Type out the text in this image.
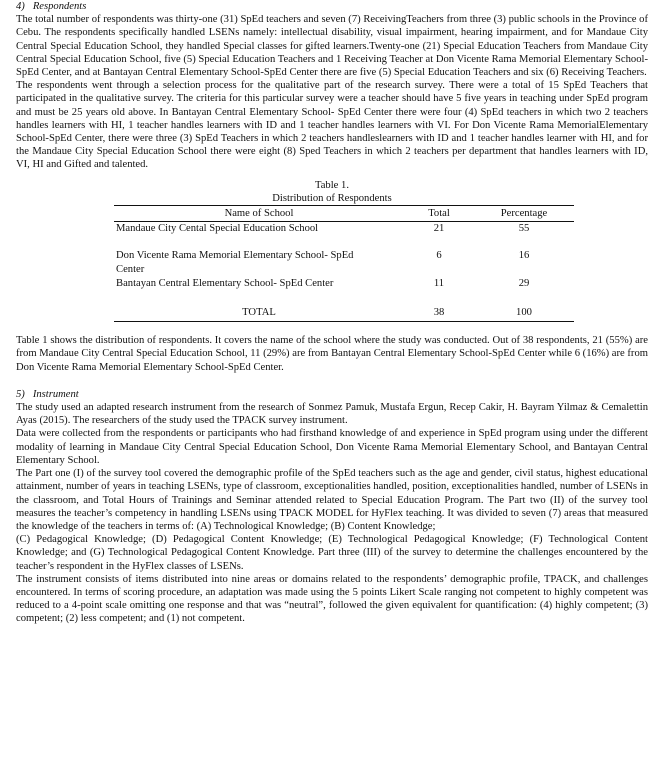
4) Respondents

The total number of respondents was thirty-one (31) SpEd teachers and seven (7) ReceivingTeachers from three (3) public schools in the Province of Cebu. The respondents specifically handled LSENs namely: intellectual disability, visual impairment, hearing impairment, and for Mandaue City Central Special Education School, they handled Special classes for gifted learners.Twenty-one (21) Special Education Teachers from Mandaue City Central Special Education School, five (5) Special Education Teachers and 1 Receiving Teacher at Don Vicente Rama Memorial Elementary School- SpEd Center, and at Bantayan Central Elementary School-SpEd Center there are five (5) Special Education Teachers and six (6) Receiving Teachers.

The respondents went through a selection process for the qualitative part of the research survey. There were a total of 15 SpEd Teachers that participated in the qualitative survey. The criteria for this particular survey were a teacher should have 5 five years in teaching under SpEd program and must be 25 years old above. In Bantayan Central Elementary School- SpEd Center there were four (4) SpEd teachers in which two 2 teachers handles learners with HI, 1 teacher handles learners with ID and 1 teacher handles learners with VI. For Don Vicente Rama MemorialElementary School-SpEd Center, there were three (3) SpEd Teachers in which 2 teachers handleslearners with ID and 1 teacher handles learner with HI, and for the Mandaue City Special Education School there were eight (8) Sped Teachers in which 2 teachers per department that handles learners with ID, VI, HI and Gifted and talented.

Table 1.
Distribution of Respondents
Name of School	Total	Percentage
Mandaue City Cental Special Education School	21	55
Don Vicente Rama Memorial Elementary School- SpEd Center	6	16
Bantayan Central Elementary School- SpEd Center	11	29
TOTAL	38	100

Table 1 shows the distribution of respondents. It covers the name of the school where the study was conducted. Out of 38 respondents, 21 (55%) are from Mandaue City Central Special Education School, 11 (29%) are from Bantayan Central Elementary School-SpEd Center while 6 (16%) are from Don Vicente Rama Memorial Elementary School-SpEd Center.

5) Instrument

The study used an adapted research instrument from the research of Sonmez Pamuk, Mustafa Ergun, Recep Cakir, H. Bayram Yilmaz & Cemalettin Ayas (2015). The researchers of the study used the TPACK survey instrument.

Data were collected from the respondents or participants who had firsthand knowledge of and experience in SpEd program using under the different modality of learning in Mandaue City Central Special Education School, Don Vicente Rama Memorial Elementary School, and Bantayan Central Elementary School.

The Part one (I) of the survey tool covered the demographic profile of the SpEd teachers such as the age and gender, civil status, highest educational attainment, number of years in teaching LSENs, type of classroom, exceptionalities handled, position, exceptionalities handled, number of LSENs in the classroom, and Total Hours of Trainings and Seminar attended related to Special Education Program. The Part two (II) of the survey tool measures the teacher’s competency in handling LSENs using TPACK MODEL for HyFlex teaching. It was divided to seven (7) areas that measured the knowledge of the teachers in terms of: (A) Technological Knowledge; (B) Content Knowledge;

(C) Pedagogical Knowledge; (D) Pedagogical Content Knowledge; (E) Technological Pedagogical Knowledge; (F) Technological Content Knowledge; and (G) Technological Pedagogical Content Knowledge. Part three (III) of the survey to determine the challenges encountered by the teacher’s respondent in the HyFlex classes of LSENs.

The instrument consists of items distributed into nine areas or domains related to the respondents’ demographic profile, TPACK, and challenges encountered. In terms of scoring procedure, an adaptation was made using the 5 points Likert Scale ranging not competent to highly competent was reduced to a 4-point scale omitting one response and that was “neutral”, followed the given equivalent for quantification: (4) highly competent; (3) competent; (2) less competent; and (1) not competent.
